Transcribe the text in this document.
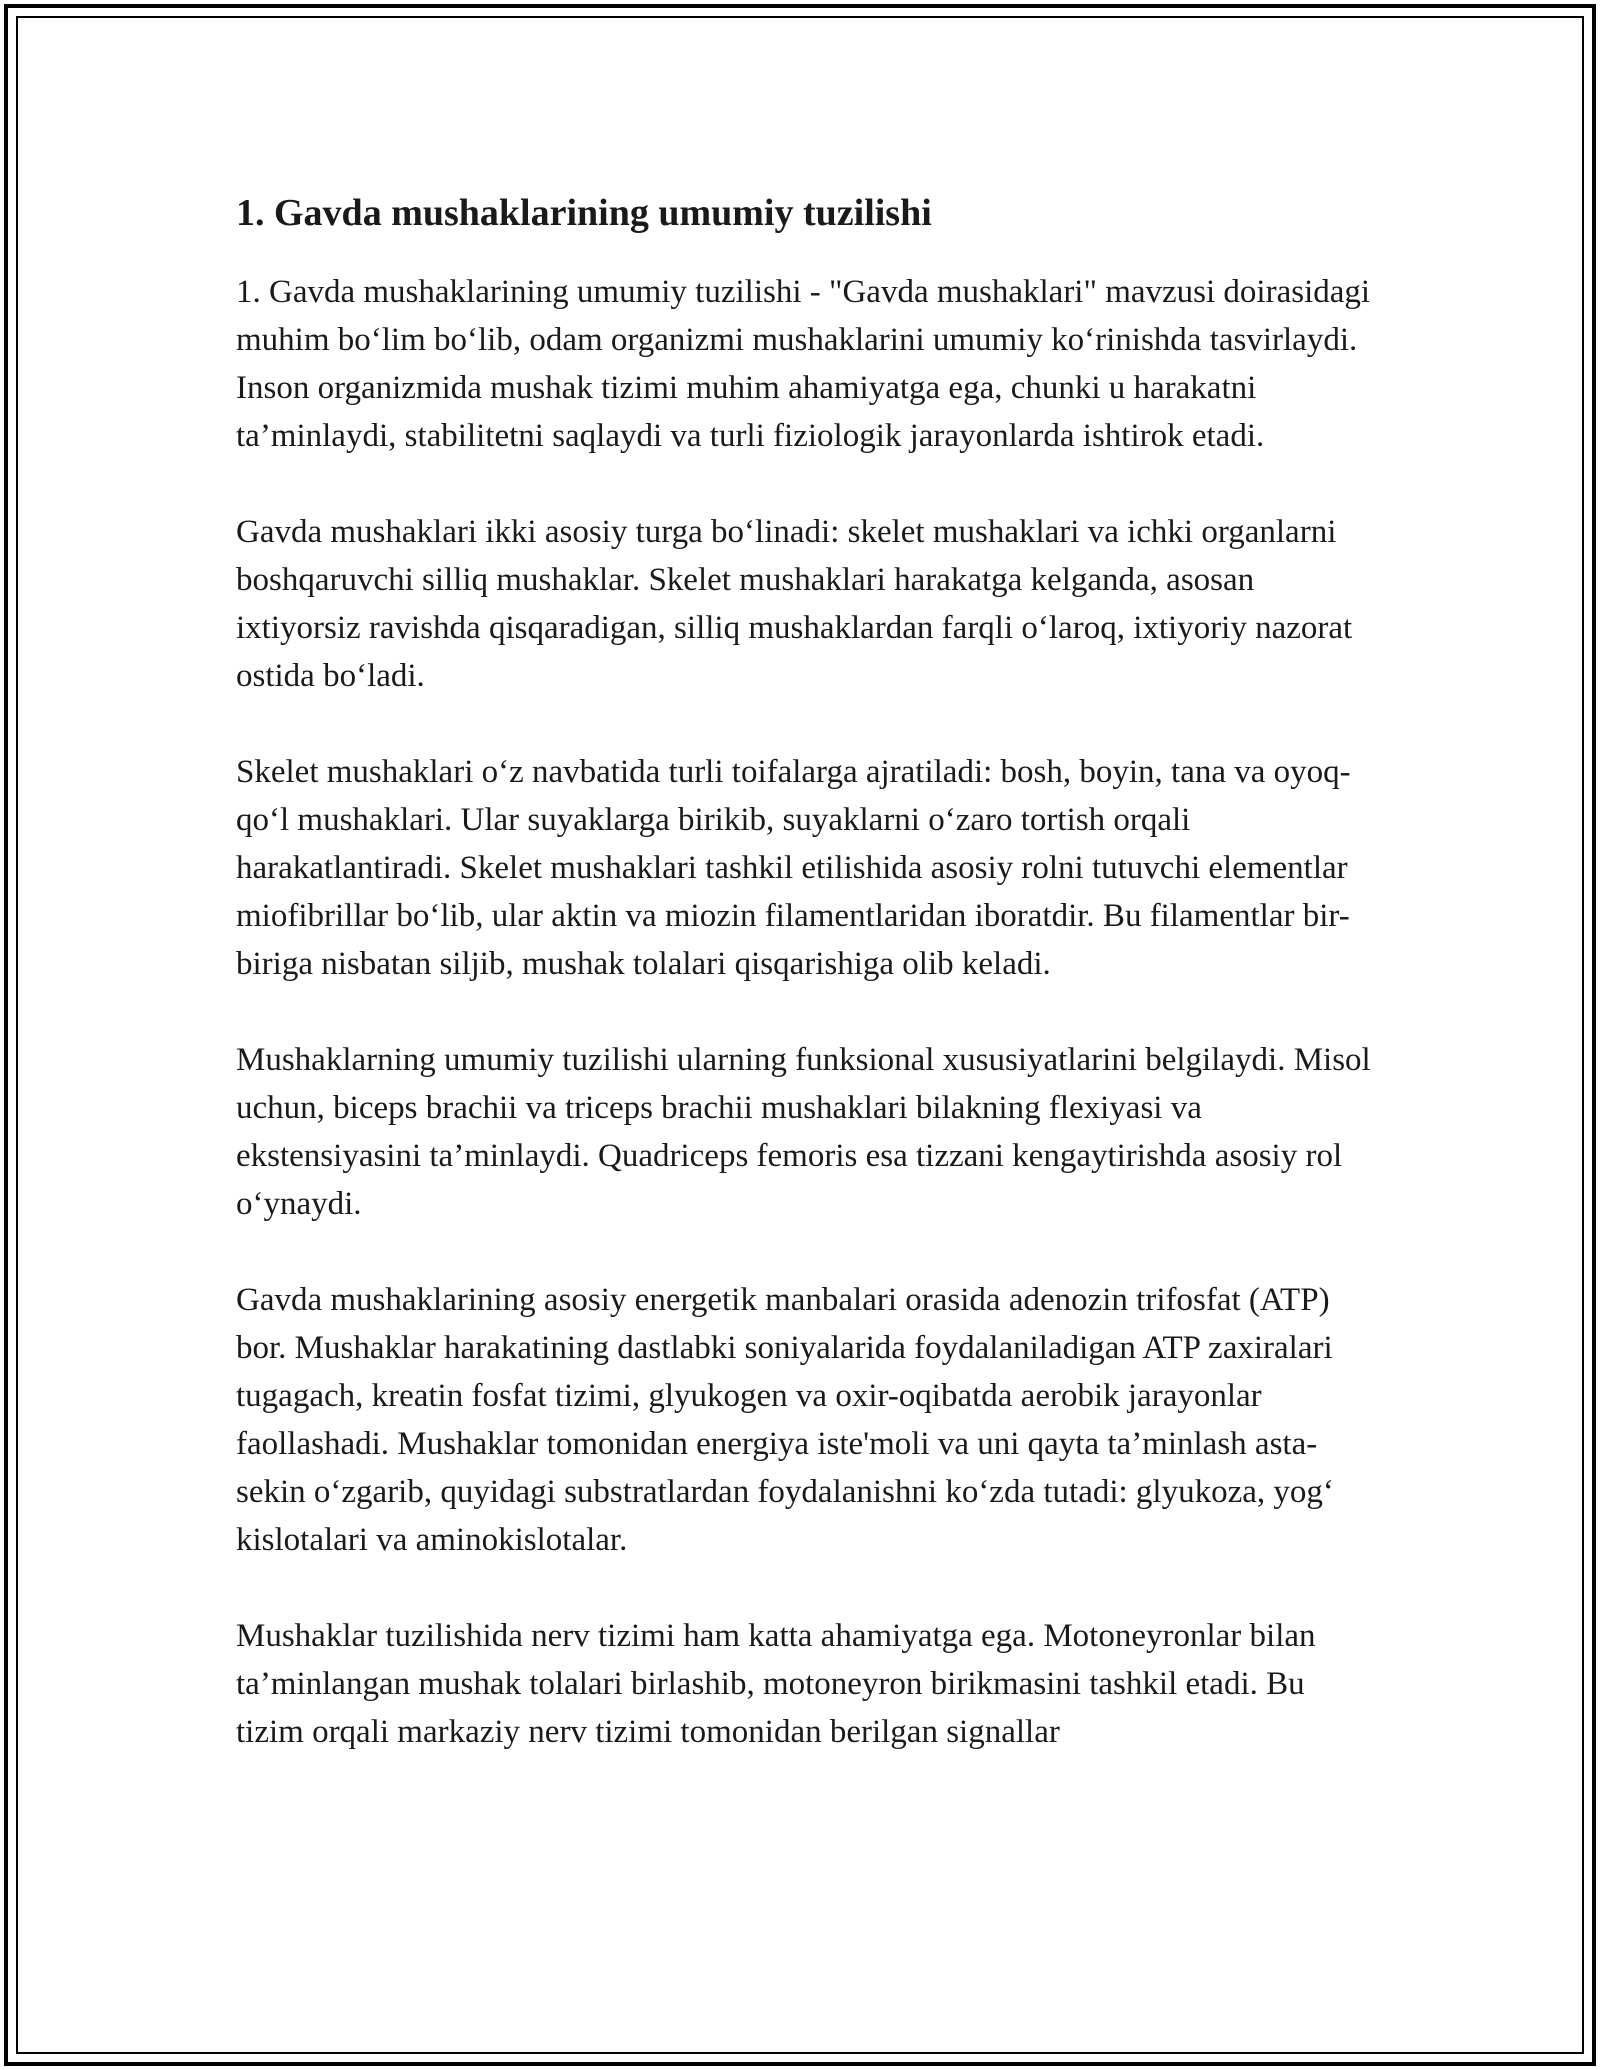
1. Gavda mushaklarining umumiy tuzilishi

1. Gavda mushaklarining umumiy tuzilishi - "Gavda mushaklari" mavzusi doirasidagi muhim bo‘lim bo‘lib, odam organizmi mushaklarini umumiy ko‘rinishda tasvirlaydi. Inson organizmida mushak tizimi muhim ahamiyatga ega, chunki u harakatni ta’minlaydi, stabilitetni saqlaydi va turli fiziologik jarayonlarda ishtirok etadi.

Gavda mushaklari ikki asosiy turga bo‘linadi: skelet mushaklari va ichki organlarni boshqaruvchi silliq mushaklar. Skelet mushaklari harakatga kelganda, asosan ixtiyorsiz ravishda qisqaradigan, silliq mushaklardan farqli o‘laroq, ixtiyoriy nazorat ostida bo‘ladi.

Skelet mushaklari o‘z navbatida turli toifalarga ajratiladi: bosh, boyin, tana va oyoq-qo‘l mushaklari. Ular suyaklarga birikib, suyaklarni o‘zaro tortish orqali harakatlantiradi. Skelet mushaklari tashkil etilishida asosiy rolni tutuvchi elementlar miofibrillar bo‘lib, ular aktin va miozin filamentlaridan iboratdir. Bu filamentlar bir-biriga nisbatan siljib, mushak tolalari qisqarishiga olib keladi.

Mushaklarning umumiy tuzilishi ularning funksional xususiyatlarini belgilaydi. Misol uchun, biceps brachii va triceps brachii mushaklari bilakning flexiyasi va ekstensiyasini ta’minlaydi. Quadriceps femoris esa tizzani kengaytirishda asosiy rol o‘ynaydi.

Gavda mushaklarining asosiy energetik manbalari orasida adenozin trifosfat (ATP) bor. Mushaklar harakatining dastlabki soniyalarida foydalaniladigan ATP zaxiralari tugagach, kreatin fosfat tizimi, glyukogen va oxir-oqibatda aerobik jarayonlar faollashadi. Mushaklar tomonidan energiya iste'moli va uni qayta ta’minlash asta-sekin o‘zgarib, quyidagi substratlardan foydalanishni ko‘zda tutadi: glyukoza, yog‘ kislotalari va aminokislotalar.

Mushaklar tuzilishida nerv tizimi ham katta ahamiyatga ega. Motoneyronlar bilan ta’minlangan mushak tolalari birlashib, motoneyron birikmasini tashkil etadi. Bu tizim orqali markaziy nerv tizimi tomonidan berilgan signallar
